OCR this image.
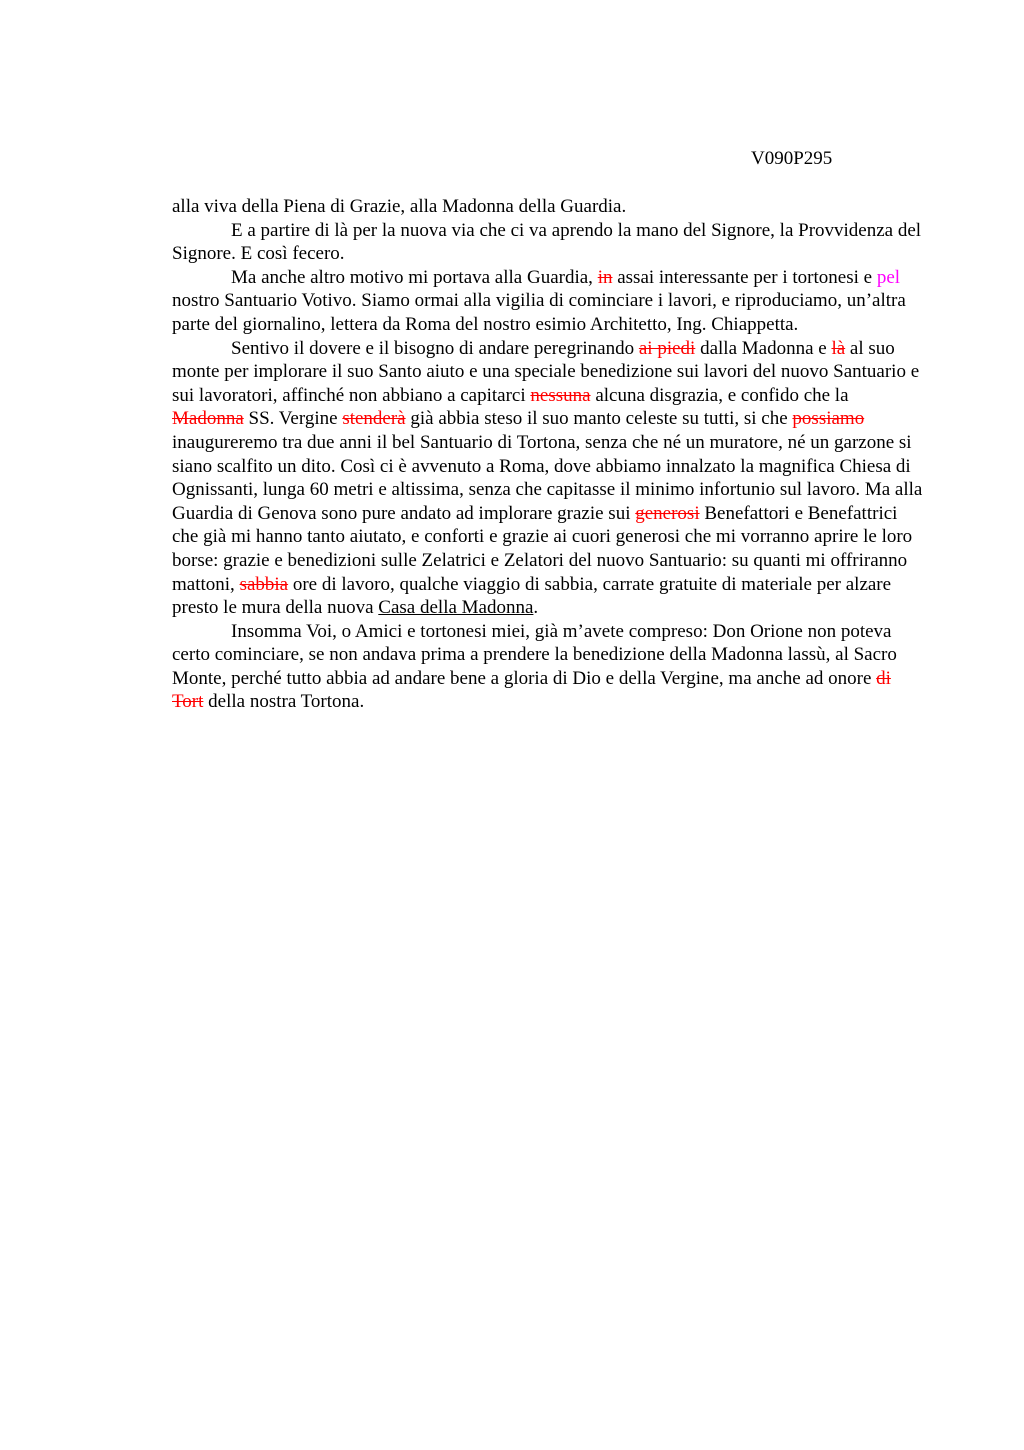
V090P295

alla viva della Piena di Grazie, alla Madonna della Guardia.

E a partire di là per la nuova via che ci va aprendo la mano del Signore, la Provvidenza del Signore. E così fecero.

Ma anche altro motivo mi portava alla Guardia, in assai interessante per i tortonesi e pel nostro Santuario Votivo. Siamo ormai alla vigilia di cominciare i lavori, e riproduciamo, un’altra parte del giornalino, lettera da Roma del nostro esimio Architetto, Ing. Chiappetta.

Sentivo il dovere e il bisogno di andare peregrinando ai piedi dalla Madonna e là al suo monte per implorare il suo Santo aiuto e una speciale benedizione sui lavori del nuovo Santuario e sui lavoratori, affinché non abbiano a capitarci nessuna alcuna disgrazia, e confido che la Madonna SS. Vergine stenderà già abbia steso il suo manto celeste su tutti, si che possiamo inaugureremo tra due anni il bel Santuario di Tortona, senza che né un muratore, né un garzone si siano scalfito un dito. Così ci è avvenuto a Roma, dove abbiamo innalzato la magnifica Chiesa di Ognissanti, lunga 60 metri e altissima, senza che capitasse il minimo infortunio sul lavoro. Ma alla Guardia di Genova sono pure andato ad implorare grazie sui generosi Benefattori e Benefattrici che già mi hanno tanto aiutato, e conforti e grazie ai cuori generosi che mi vorranno aprire le loro borse: grazie e benedizioni sulle Zelatrici e Zelatori del nuovo Santuario: su quanti mi offriranno mattoni, sabbia ore di lavoro, qualche viaggio di sabbia, carrate gratuite di materiale per alzare presto le mura della nuova Casa della Madonna.

Insomma Voi, o Amici e tortonesi miei, già m’avete compreso: Don Orione non poteva certo cominciare, se non andava prima a prendere la benedizione della Madonna lassù, al Sacro Monte, perché tutto abbia ad andare bene a gloria di Dio e della Vergine, ma anche ad onore di Tort della nostra Tortona.
